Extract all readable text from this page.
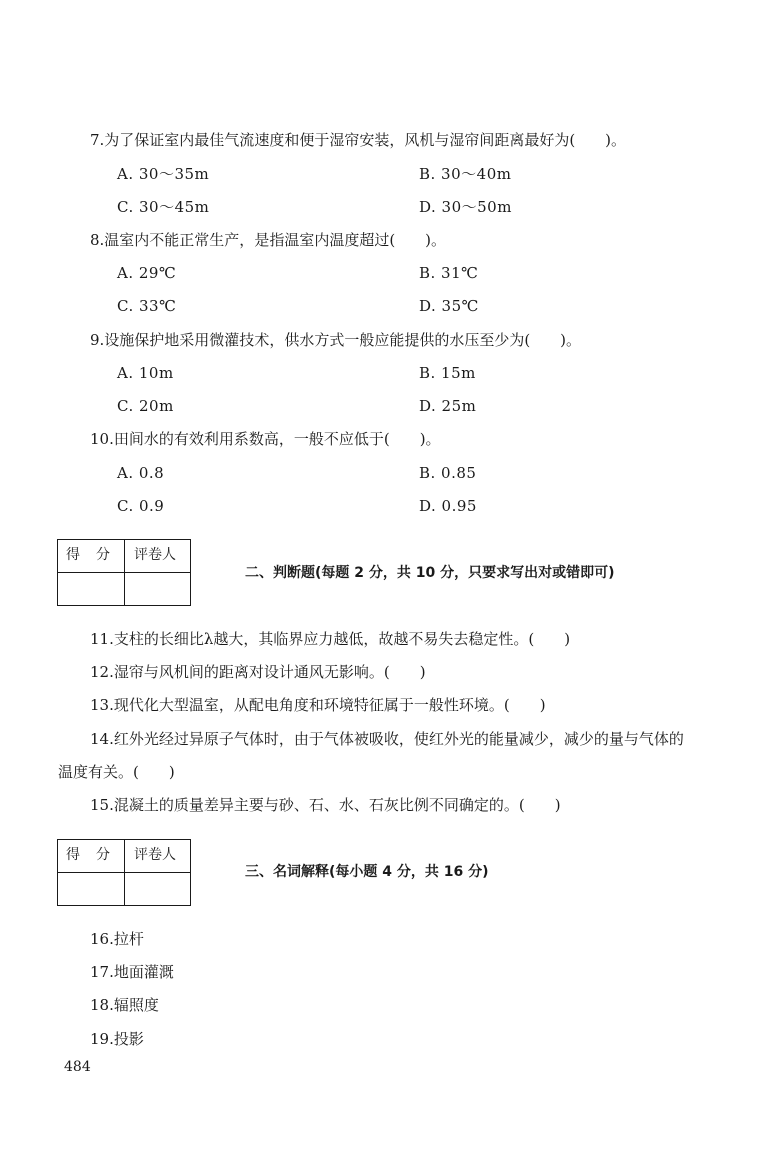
7.为了保证室内最佳气流速度和便于湿帘安装，风机与湿帘间距离最好为(　　)。
A. 30～35m	B. 30～40m
C. 30～45m	D. 30～50m
8.温室内不能正常生产，是指温室内温度超过(　　)。
A. 29℃	B. 31℃
C. 33℃	D. 35℃
9.设施保护地采用微灌技术，供水方式一般应能提供的水压至少为(　　)。
A. 10m	B. 15m
C. 20m	D. 25m
10.田间水的有效利用系数高，一般不应低于(　　)。
A. 0.8	B. 0.85
C. 0.9	D. 0.95
得　分 评卷人
二、判断题(每题 2 分，共 10 分，只要求写出对或错即可)
11.支柱的长细比λ越大，其临界应力越低，故越不易失去稳定性。(　　)
12.湿帘与风机间的距离对设计通风无影响。(　　)
13.现代化大型温室，从配电角度和环境特征属于一般性环境。(　　)
14.红外光经过异原子气体时，由于气体被吸收，使红外光的能量减少，减少的量与气体的
温度有关。(　　)
15.混凝土的质量差异主要与砂、石、水、石灰比例不同确定的。(　　)
得　分 评卷人
三、名词解释(每小题 4 分，共 16 分)
16.拉杆
17.地面灌溉
18.辐照度
19.投影
484
